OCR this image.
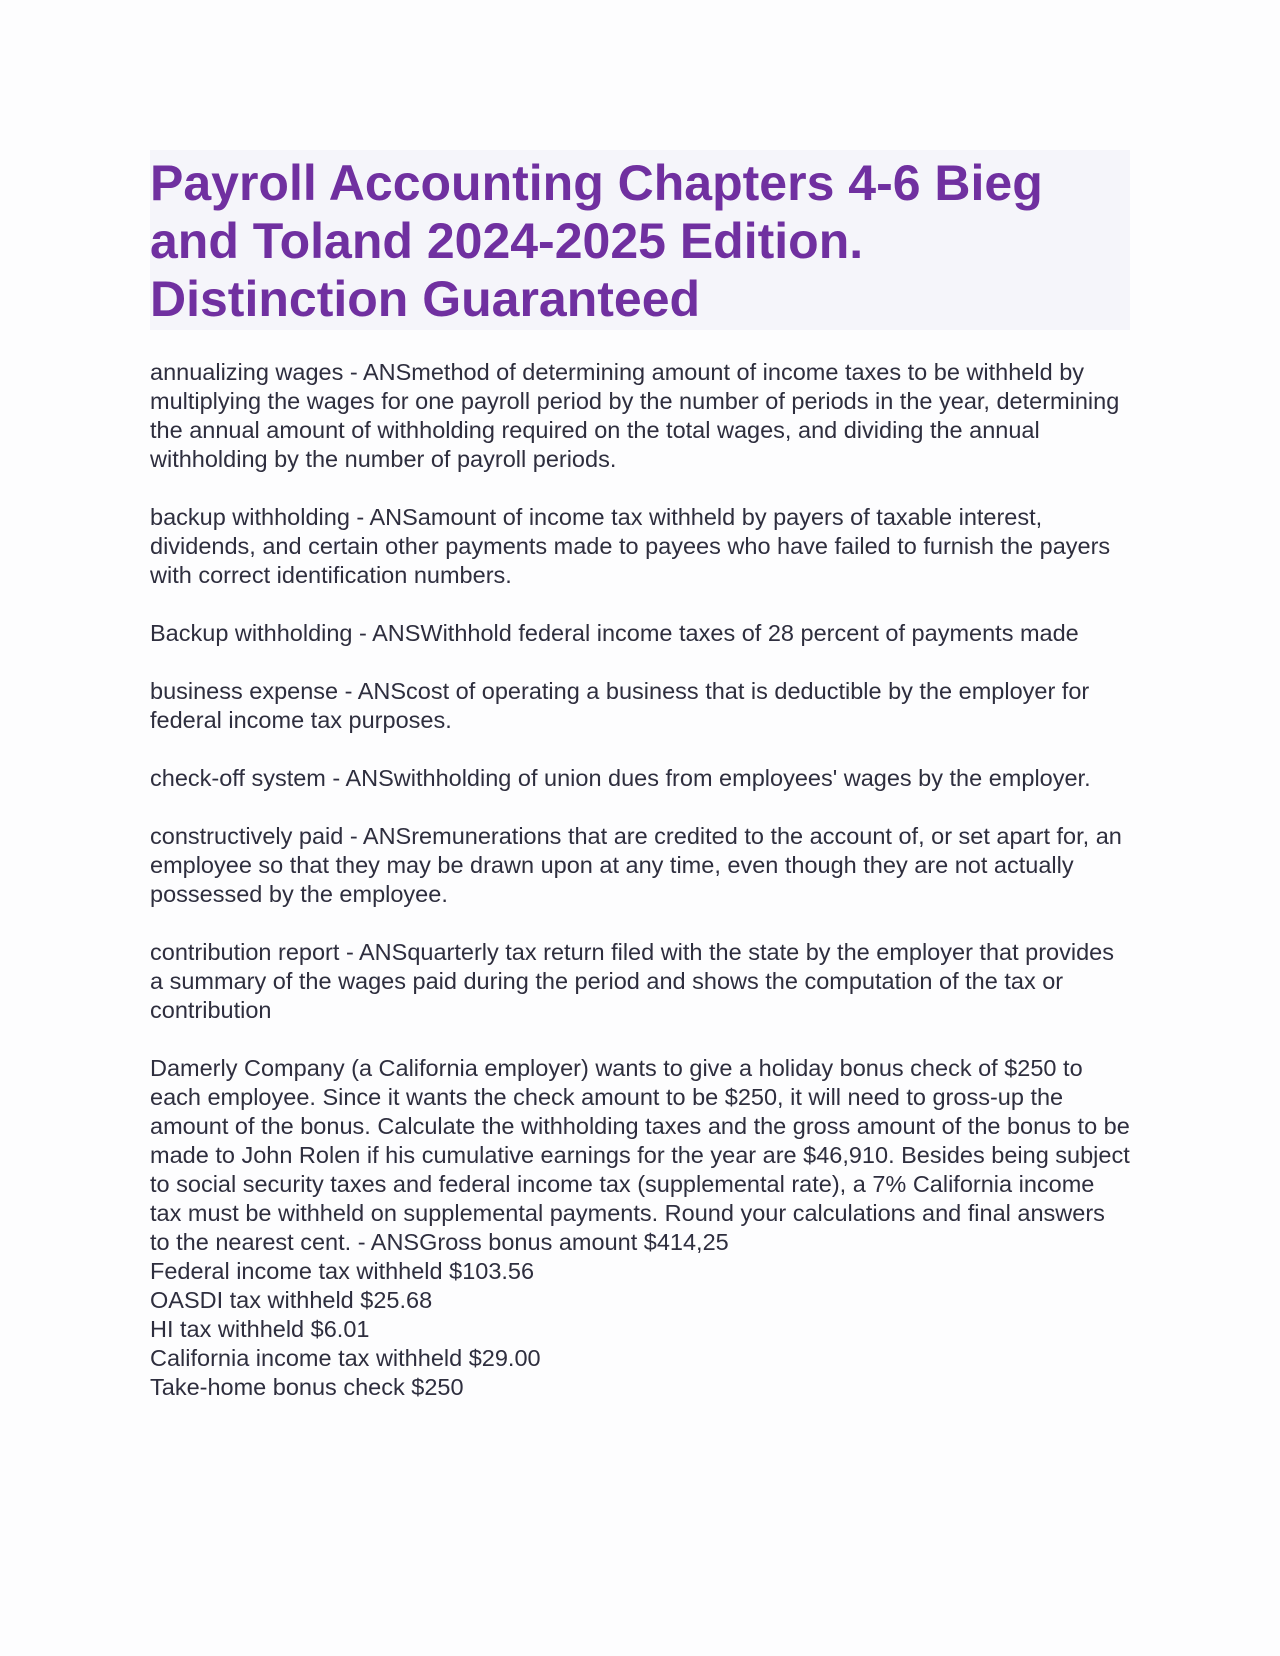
Payroll Accounting Chapters 4-6 Bieg and Toland 2024-2025 Edition. Distinction Guaranteed

annualizing wages - ANSmethod of determining amount of income taxes to be withheld by multiplying the wages for one payroll period by the number of periods in the year, determining the annual amount of withholding required on the total wages, and dividing the annual withholding by the number of payroll periods.

backup withholding - ANSamount of income tax withheld by payers of taxable interest, dividends, and certain other payments made to payees who have failed to furnish the payers with correct identification numbers.

Backup withholding - ANSWithhold federal income taxes of 28 percent of payments made

business expense - ANScost of operating a business that is deductible by the employer for federal income tax purposes.

check-off system - ANSwithholding of union dues from employees' wages by the employer.

constructively paid - ANSremunerations that are credited to the account of, or set apart for, an employee so that they may be drawn upon at any time, even though they are not actually possessed by the employee.

contribution report - ANSquarterly tax return filed with the state by the employer that provides a summary of the wages paid during the period and shows the computation of the tax or contribution

Damerly Company (a California employer) wants to give a holiday bonus check of $250 to each employee. Since it wants the check amount to be $250, it will need to gross-up the amount of the bonus. Calculate the withholding taxes and the gross amount of the bonus to be made to John Rolen if his cumulative earnings for the year are $46,910. Besides being subject to social security taxes and federal income tax (supplemental rate), a 7% California income tax must be withheld on supplemental payments. Round your calculations and final answers to the nearest cent. - ANSGross bonus amount $414,25
Federal income tax withheld $103.56
OASDI tax withheld $25.68
HI tax withheld $6.01
California income tax withheld $29.00
Take-home bonus check $250
